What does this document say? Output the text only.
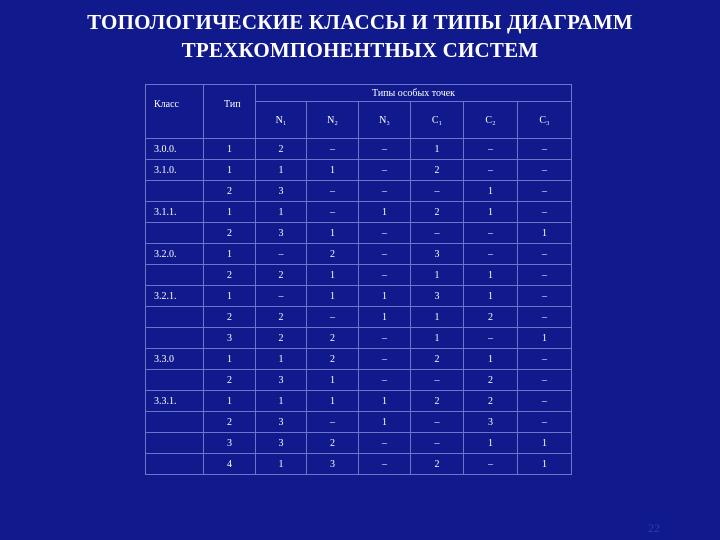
ТОПОЛОГИЧЕСКИЕ КЛАССЫ И ТИПЫ ДИАГРАММ
ТРЕХКОМПОНЕНТНЫХ СИСТЕМ
Класс	Тип	Типы особых точек					
		N₁	N₂	N₃	C₁	C₂	C₃
3.0.0.	1	2	–	–	1	–	–
3.1.0.	1	1	1	–	2	–	–
	2	3	–	–	–	1	–
3.1.1.	1	1	–	1	2	1	–
	2	3	1	–	–	–	1
3.2.0.	1	–	2	–	3	–	–
	2	2	1	–	1	1	–
3.2.1.	1	–	1	1	3	1	–
	2	2	–	1	1	2	–
	3	2	2	–	1	–	1
3.3.0	1	1	2	–	2	1	–
	2	3	1	–	–	2	–
3.3.1.	1	1	1	1	2	2	–
	2	3	–	1	–	3	–
	3	3	2	–	–	1	1
	4	1	3	–	2	–	1
22
